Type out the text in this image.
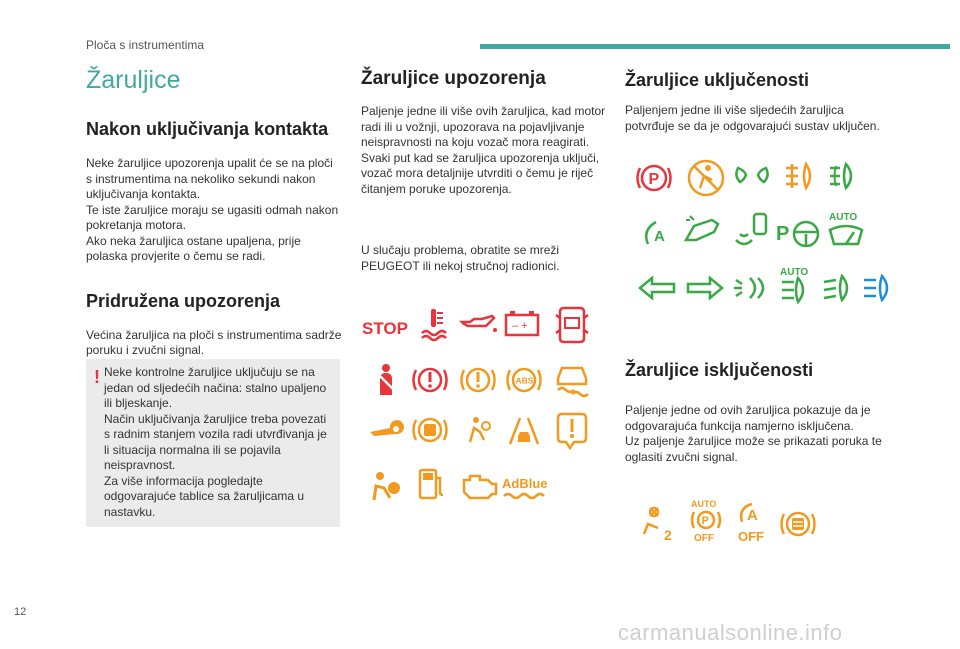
Ploča s instrumentima
Žaruljice
Nakon uključivanja kontakta

Neke žaruljice upozorenja upalit će se na ploči s instrumentima na nekoliko sekundi nakon uključivanja kontakta.

Te iste žaruljice moraju se ugasiti odmah nakon pokretanja motora.

Ako neka žaruljica ostane upaljena, prije polaska provjerite o čemu se radi.

Pridružena upozorenja

Većina žaruljica na ploči s instrumentima sadrže poruku i zvučni signal.

! Neke kontrolne žaruljice uključuju se na jedan od sljedećih načina: stalno upaljeno ili bljeskanje.

Način uključivanja žaruljice treba povezati s radnim stanjem vozila radi utvrđivanja je li situacija normalna ili se pojavila neispravnost.

Za više informacija pogledajte odgovarajuće tablice sa žaruljicama u nastavku.

Žaruljice upozorenja

Paljenje jedne ili više ovih žaruljica, kad motor radi ili u vožnji, upozorava na pojavljivanje neispravnosti na koju vozač mora reagirati.

Svaki put kad se žaruljica upozorenja uključi, vozač mora detaljnije utvrditi o čemu je riječ čitanjem poruke upozorenja.

U slučaju problema, obratite se mreži PEUGEOT ili nekoj stručnoj radionici.

STOP	– +
ABS
AdBlue
Žaruljice uključenosti

Paljenjem jedne ili više sljedećih žaruljica potvrđuje se da je odgovarajući sustav uključen.

P
A	P
AUTO
AUTO
Žaruljice isključenosti

Paljenje jedne od ovih žaruljica pokazuje da je odgovarajuća funkcija namjerno isključena.

Uz paljenje žaruljice može se prikazati poruka te oglasiti zvučni signal.

2
AUTO
P
OFF
A
OFF
12
carmanualsonline.info
